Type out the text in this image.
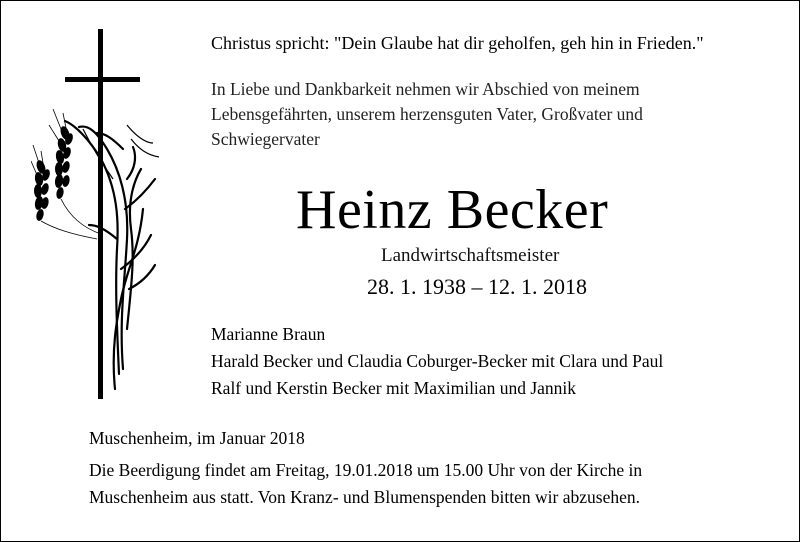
Christus spricht: "Dein Glaube hat dir geholfen, geh hin in Frieden."
In Liebe und Dankbarkeit nehmen wir Abschied von meinem
Lebensgefährten, unserem herzensguten Vater, Großvater und
Schwiegervater
Heinz Becker
Landwirtschaftsmeister
28. 1. 1938 – 12. 1. 2018
Marianne Braun
Harald Becker und Claudia Coburger-Becker mit Clara und Paul
Ralf und Kerstin Becker mit Maximilian und Jannik
Muschenheim, im Januar 2018
Die Beerdigung findet am Freitag, 19.01.2018 um 15.00 Uhr von der Kirche in
Muschenheim aus statt. Von Kranz- und Blumenspenden bitten wir abzusehen.
